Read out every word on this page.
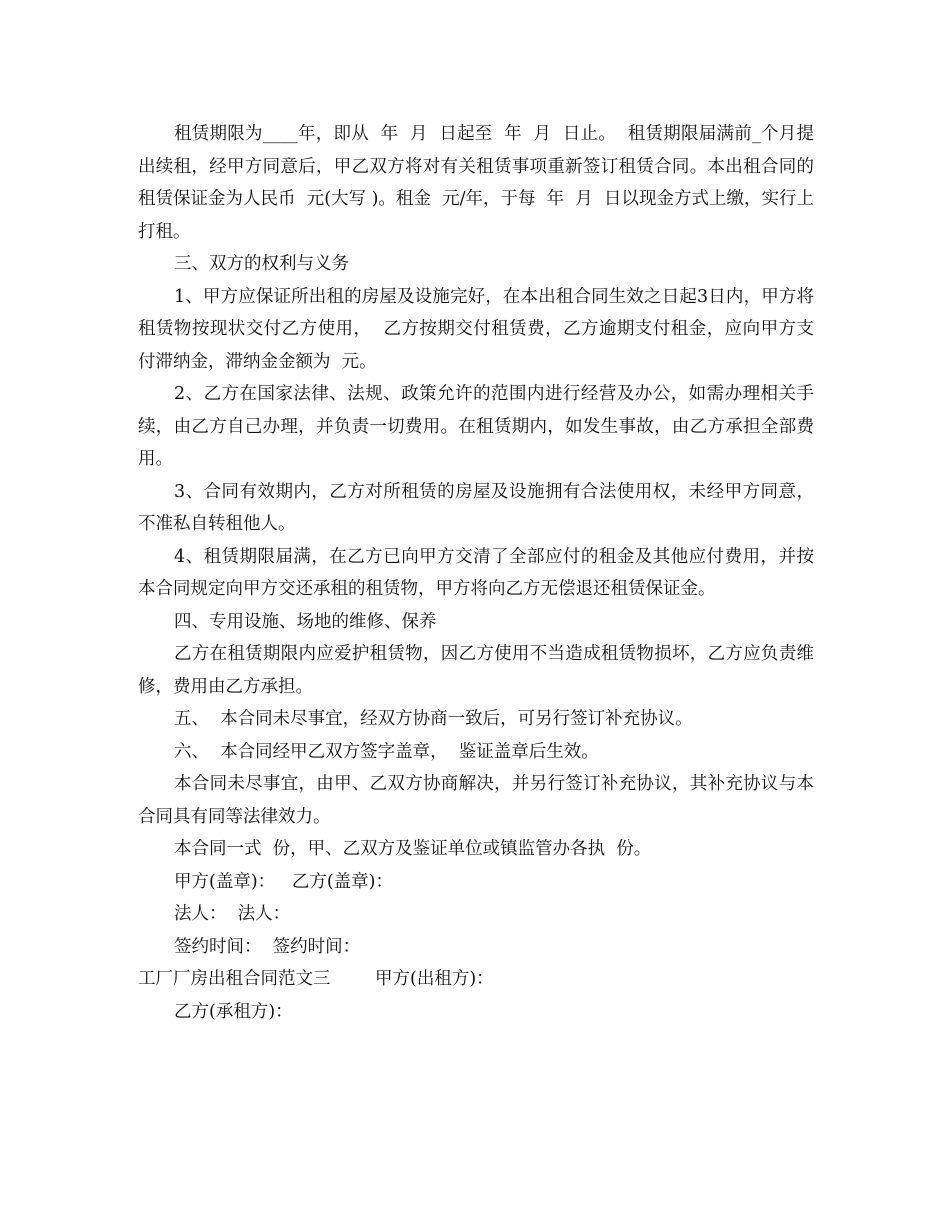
租赁期限为____年，即从  年  月  日起至  年  月  日止。  租赁期限届满前_个月提出续租，经甲方同意后，甲乙双方将对有关租赁事项重新签订租赁合同。本出租合同的租赁保证金为人民币  元(大写 )。租金  元/年，于每  年  月  日以现金方式上缴，实行上打租。

三、双方的权利与义务

1、甲方应保证所出租的房屋及设施完好，在本出租合同生效之日起3日内，甲方将租赁物按现状交付乙方使用，  乙方按期交付租赁费，乙方逾期支付租金，应向甲方支付滞纳金，滞纳金金额为  元。

2、乙方在国家法律、法规、政策允许的范围内进行经营及办公，如需办理相关手续，由乙方自己办理，并负责一切费用。在租赁期内，如发生事故，由乙方承担全部费用。

3、合同有效期内，乙方对所租赁的房屋及设施拥有合法使用权，未经甲方同意，不准私自转租他人。

4、租赁期限届满，在乙方已向甲方交清了全部应付的租金及其他应付费用，并按本合同规定向甲方交还承租的租赁物，甲方将向乙方无偿退还租赁保证金。

四、专用设施、场地的维修、保养

乙方在租赁期限内应爱护租赁物，因乙方使用不当造成租赁物损坏，乙方应负责维修，费用由乙方承担。

五、  本合同未尽事宜，经双方协商一致后，可另行签订补充协议。

六、  本合同经甲乙双方签字盖章，  鉴证盖章后生效。

本合同未尽事宜，由甲、乙双方协商解决，并另行签订补充协议，其补充协议与本合同具有同等法律效力。

本合同一式  份，甲、乙双方及鉴证单位或镇监管办各执  份。

甲方(盖章)：   乙方(盖章)：

法人：  法人：

签约时间：  签约时间：

工厂厂房出租合同范文三        甲方(出租方)：

乙方(承租方)：
